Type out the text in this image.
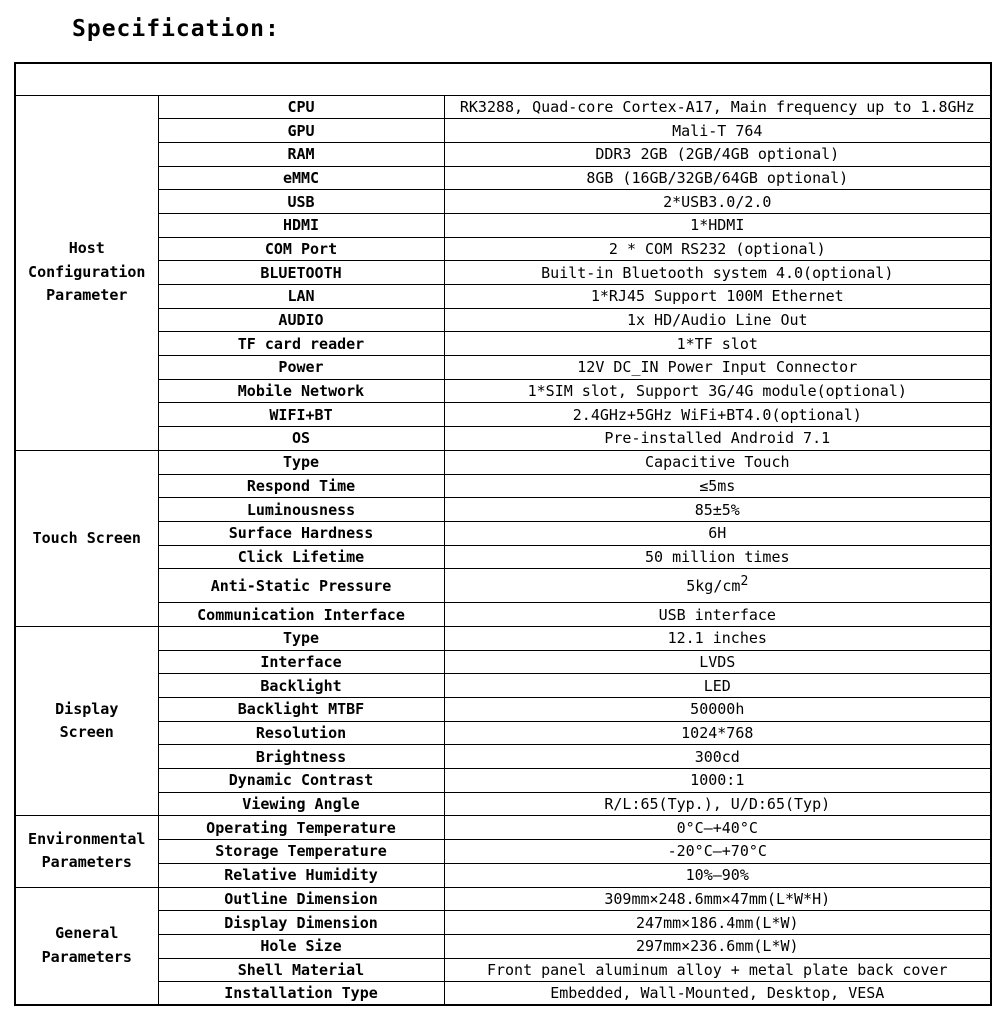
Specification:

Host
Configuration
Parameter	CPU	RK3288, Quad-core Cortex-A17, Main frequency up to 1.8GHz
	GPU	Mali-T 764
	RAM	DDR3 2GB (2GB/4GB optional)
	eMMC	8GB (16GB/32GB/64GB optional)
	USB	2*USB3.0/2.0
	HDMI	1*HDMI
	COM Port	2 * COM RS232 (optional)
	BLUETOOTH	Built-in Bluetooth system 4.0(optional)
	LAN	1*RJ45 Support 100M Ethernet
	AUDIO	1x HD/Audio Line Out
	TF card reader	1*TF slot
	Power	12V DC_IN Power Input Connector
	Mobile Network	1*SIM slot, Support 3G/4G module(optional)
	WIFI+BT	2.4GHz+5GHz WiFi+BT4.0(optional)
	OS	Pre-installed Android 7.1

Touch Screen	Type	Capacitive Touch
	Respond Time	≤5ms
	Luminousness	85±5%
	Surface Hardness	6H
	Click Lifetime	50 million times
	Anti-Static Pressure	$5kg/cm^2$
	Communication Interface	USB interface

Display
Screen	Type	12.1 inches
	Interface	LVDS
	Backlight	LED
	Backlight MTBF	50000h
	Resolution	1024*768
	Brightness	300cd
	Dynamic Contrast	1000:1
	Viewing Angle	R/L:65(Typ.), U/D:65(Typ)

Environmental
Parameters	Operating Temperature	0°C—+40°C
	Storage Temperature	-20°C—+70°C
	Relative Humidity	10%—90%

General
Parameters	Outline Dimension	309mm×248.6mm×47mm(L*W*H)
	Display Dimension	247mm×186.4mm(L*W)
	Hole Size	297mm×236.6mm(L*W)
	Shell Material	Front panel aluminum alloy + metal plate back cover
	Installation Type	Embedded, Wall-Mounted, Desktop, VESA
